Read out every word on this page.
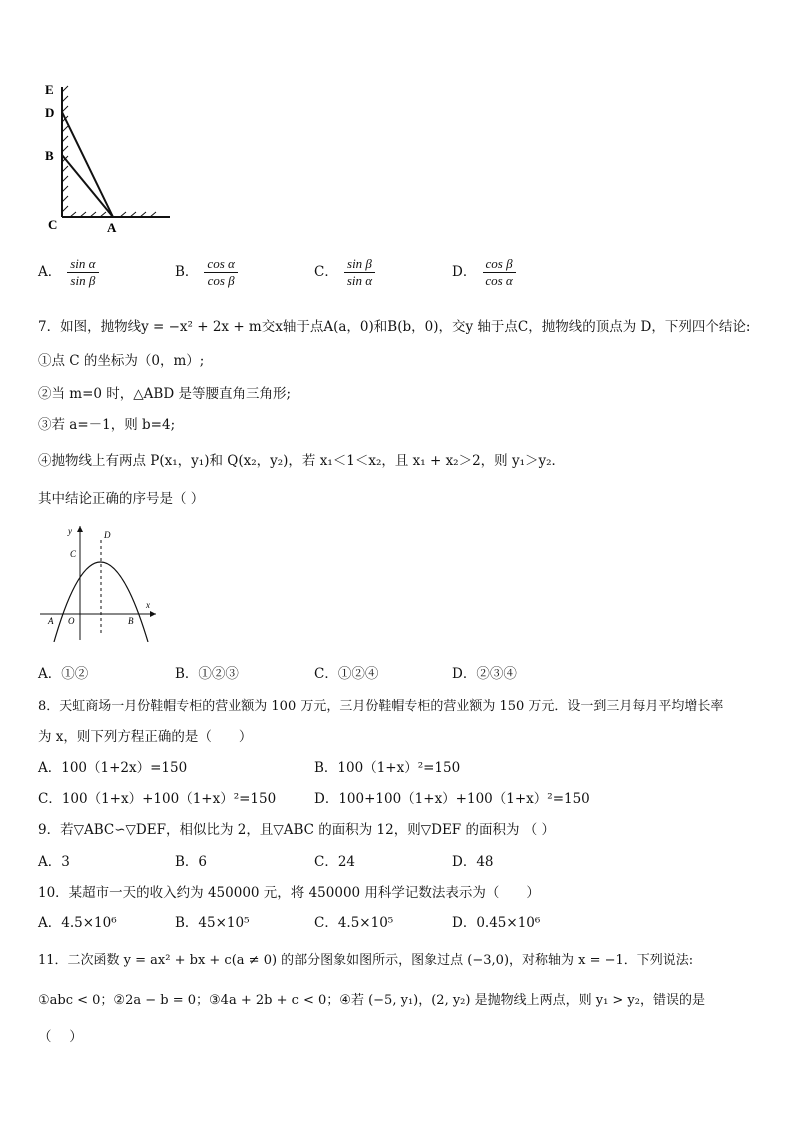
E
D
B
C	A
A． $\frac{\text{sin α}}{\text{sin β}}$	B． $\frac{\text{cos α}}{\text{cos β}}$	C． $\frac{\text{sin β}}{\text{sin α}}$	D． $\frac{\text{cos β}}{\text{cos α}}$
7．如图，抛物线y = −x² + 2x + m交x轴于点A(a，0)和B(b，0)，交y 轴于点C，抛物线的顶点为 D，下列四个结论:
①点 C 的坐标为（0，m）;
②当 m=0 时，△ABD 是等腰直角三角形;
③若 a=－1，则 b=4;
④抛物线上有两点 P(x₁，y₁)和 Q(x₂，y₂)，若 x₁＜1＜x₂，且 x₁ + x₂＞2，则 y₁＞y₂．
其中结论正确的序号是（ ）
y
x
D
C
A O	B
A．①②	B．①②③	C．①②④	D．②③④
8．天虹商场一月份鞋帽专柜的营业额为 100 万元，三月份鞋帽专柜的营业额为 150 万元．设一到三月每月平均增长率
为 x，则下列方程正确的是（　　）
A．100（1+2x）=150	B．100（1+x）²=150
C．100（1+x）+100（1+x）²=150	D．100+100（1+x）+100（1+x）²=150
9．若▽ABC∽▽DEF，相似比为 2，且▽ABC 的面积为 12，则▽DEF 的面积为 （ ）
A．3	B．6	C．24	D．48
10．某超市一天的收入约为 450000 元，将 450000 用科学记数法表示为（　　）
A．4.5×10⁶	B．45×10⁵	C．4.5×10⁵	D．0.45×10⁶
11．二次函数 y = ax² + bx + c(a ≠ 0) 的部分图象如图所示，图象过点 (−3,0)，对称轴为 x = −1．下列说法:
①abc < 0；②2a − b = 0；③4a + 2b + c < 0；④若 (−5, y₁)，(2, y₂) 是抛物线上两点，则 y₁ > y₂，错误的是
（　 ）
